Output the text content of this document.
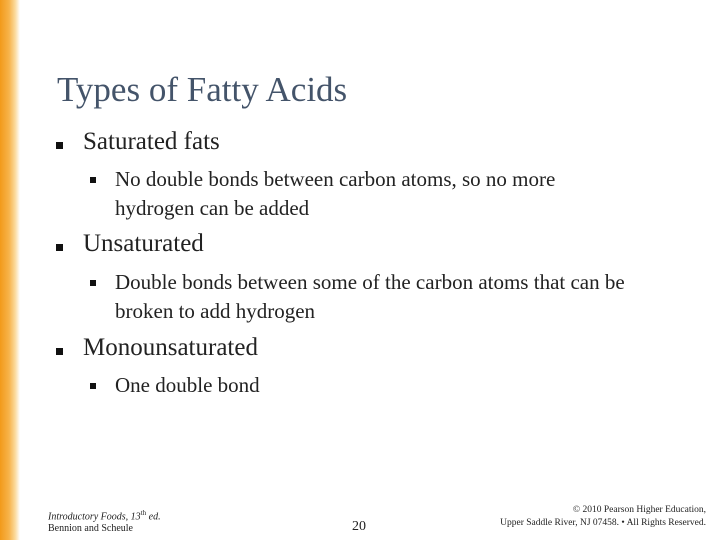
Types of Fatty Acids
Saturated fats
No double bonds between carbon atoms, so no more
hydrogen can be added
Unsaturated
Double bonds between some of the carbon atoms that can be
broken to add hydrogen
Monounsaturated
One double bond
Introductory Foods, 13th ed.
Bennion and Scheule	20
© 2010 Pearson Higher Education,
Upper Saddle River, NJ 07458. • All Rights Reserved.
